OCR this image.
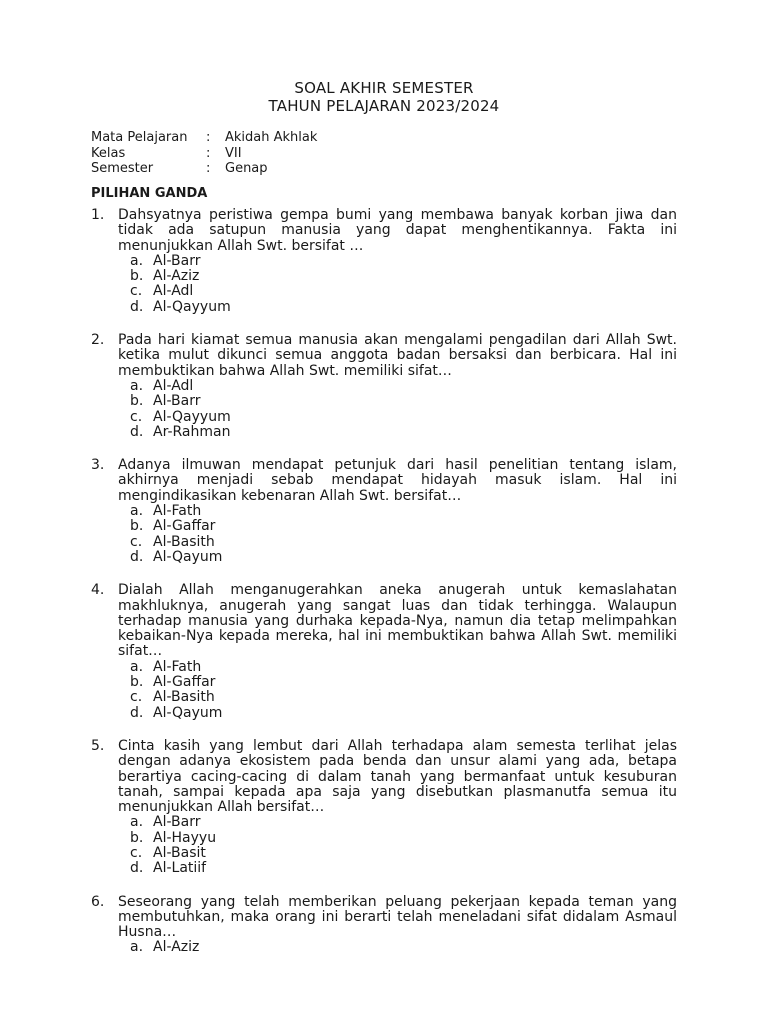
SOAL AKHIR SEMESTER
TAHUN PELAJARAN 2023/2024
Mata Pelajaran	:	Akidah Akhlak
Kelas	:	VII
Semester	:	Genap
PILIHAN GANDA
1. Dahsyatnya peristiwa gempa bumi yang membawa banyak korban jiwa dan tidak ada satupun manusia yang dapat menghentikannya. Fakta ini menunjukkan Allah Swt. bersifat …
a. Al-Barr
b. Al-Aziz
c. Al-Adl
d. Al-Qayyum
2. Pada hari kiamat semua manusia akan mengalami pengadilan dari Allah Swt. ketika mulut dikunci semua anggota badan bersaksi dan berbicara. Hal ini membuktikan bahwa Allah Swt. memiliki sifat…
a. Al-Adl
b. Al-Barr
c. Al-Qayyum
d. Ar-Rahman
3. Adanya ilmuwan mendapat petunjuk dari hasil penelitian tentang islam, akhirnya menjadi sebab mendapat hidayah masuk islam. Hal ini mengindikasikan kebenaran Allah Swt. bersifat…
a. Al-Fath
b. Al-Gaffar
c. Al-Basith
d. Al-Qayum
4. Dialah Allah menganugerahkan aneka anugerah untuk kemaslahatan makhluknya, anugerah yang sangat luas dan tidak terhingga. Walaupun terhadap manusia yang durhaka kepada-Nya, namun dia tetap melimpahkan kebaikan-Nya kepada mereka, hal ini membuktikan bahwa Allah Swt. memiliki sifat…
a. Al-Fath
b. Al-Gaffar
c. Al-Basith
d. Al-Qayum
5. Cinta kasih yang lembut dari Allah terhadapa alam semesta terlihat jelas dengan adanya ekosistem pada benda dan unsur alami yang ada, betapa berartiya cacing-cacing di dalam tanah yang bermanfaat untuk kesuburan tanah, sampai kepada apa saja yang disebutkan plasmanutfa semua itu menunjukkan Allah bersifat…
a. Al-Barr
b. Al-Hayyu
c. Al-Basit
d. Al-Latiif
6. Seseorang yang telah memberikan peluang pekerjaan kepada teman yang membutuhkan, maka orang ini berarti telah meneladani sifat didalam Asmaul Husna…
a. Al-Aziz
